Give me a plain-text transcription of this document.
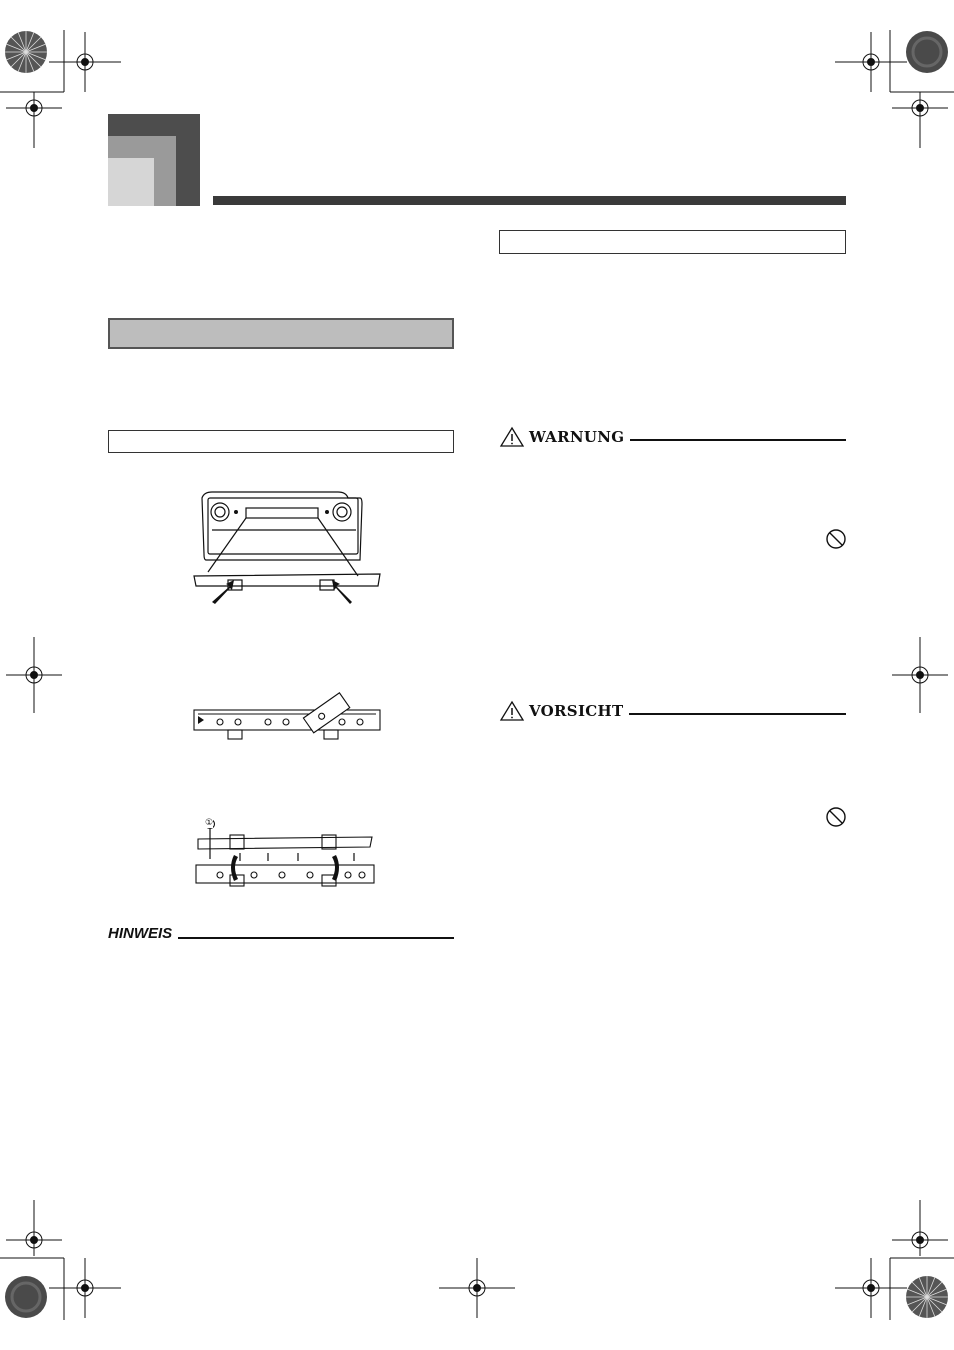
①
HINWEIS
WARNUNG
VORSICHT
